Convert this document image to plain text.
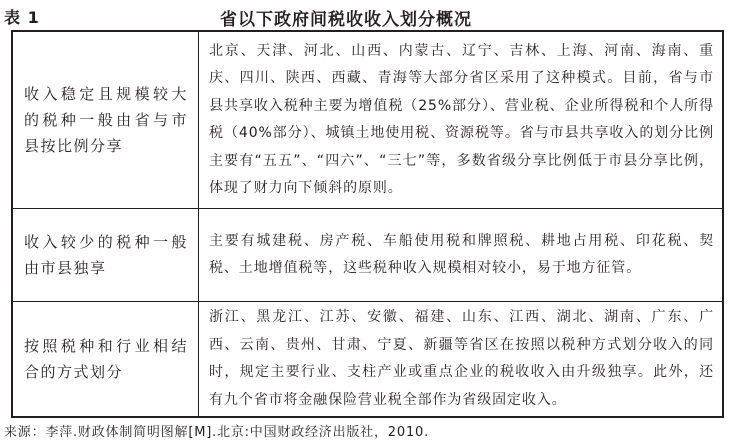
表 1	省以下政府间税收收入划分概况
收入稳定且规模较大的税种一般由省与市县按比例分享
北京、天津、河北、山西、内蒙古、辽宁、吉林、上海、河南、海南、重庆、四川、陕西、西藏、青海等大部分省区采用了这种模式。目前，省与市县共享收入税种主要为增值税（25%部分）、营业税、企业所得税和个人所得税（40%部分）、城镇土地使用税、资源税等。省与市县共享收入的划分比例主要有“五五”、“四六”、“三七”等，多数省级分享比例低于市县分享比例，体现了财力向下倾斜的原则。
收入较少的税种一般由市县独享
主要有城建税、房产税、车船使用税和牌照税、耕地占用税、印花税、契税、土地增值税等，这些税种收入规模相对较小，易于地方征管。
按照税种和行业相结合的方式划分
浙江、黑龙江、江苏、安徽、福建、山东、江西、湖北、湖南、广东、广西、云南、贵州、甘肃、宁夏、新疆等省区在按照以税种方式划分收入的同时，规定主要行业、支柱产业或重点企业的税收收入由升级独享。此外，还有九个省市将金融保险营业税全部作为省级固定收入。
来源：李萍.财政体制简明图解[M].北京:中国财政经济出版社，2010.
